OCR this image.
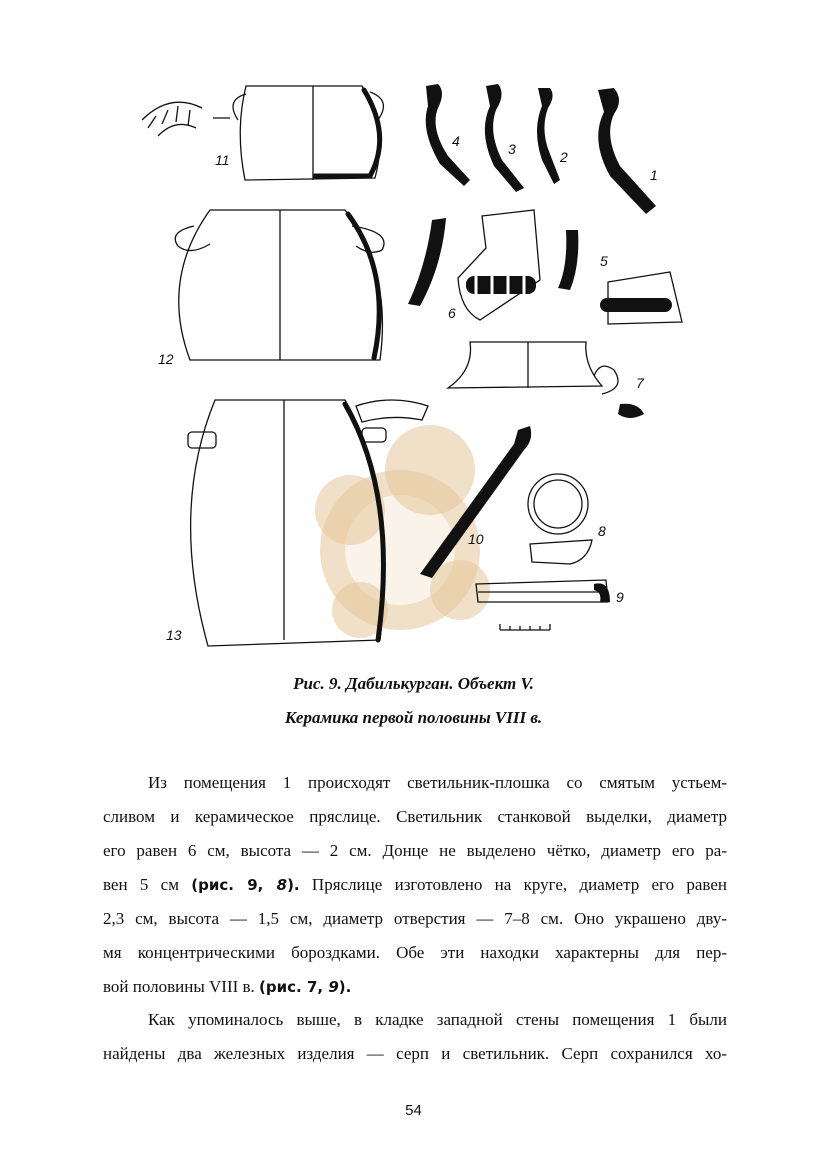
11
4	3	2
1
12
6
5
7
13
10	8
9
Рис. 9. Дабилькурган. Объект V.
Керамика первой половины VIII в.
Из помещения 1 происходят светильник-плошка со смятым устьем-
сливом и керамическое пряслице. Светильник станковой выделки, диаметр
его равен 6 см, высота — 2 см. Донце не выделено чётко, диаметр его ра-
вен 5 см (рис. 9, 8). Пряслице изготовлено на круге, диаметр его равен
2,3 см, высота — 1,5 см, диаметр отверстия — 7–8 см. Оно украшено дву-
мя концентрическими бороздками. Обе эти находки характерны для пер-
вой половины VIII в. (рис. 7, 9).
Как упоминалось выше, в кладке западной стены помещения 1 были
найдены два железных изделия — серп и светильник. Серп сохранился хо-
54
